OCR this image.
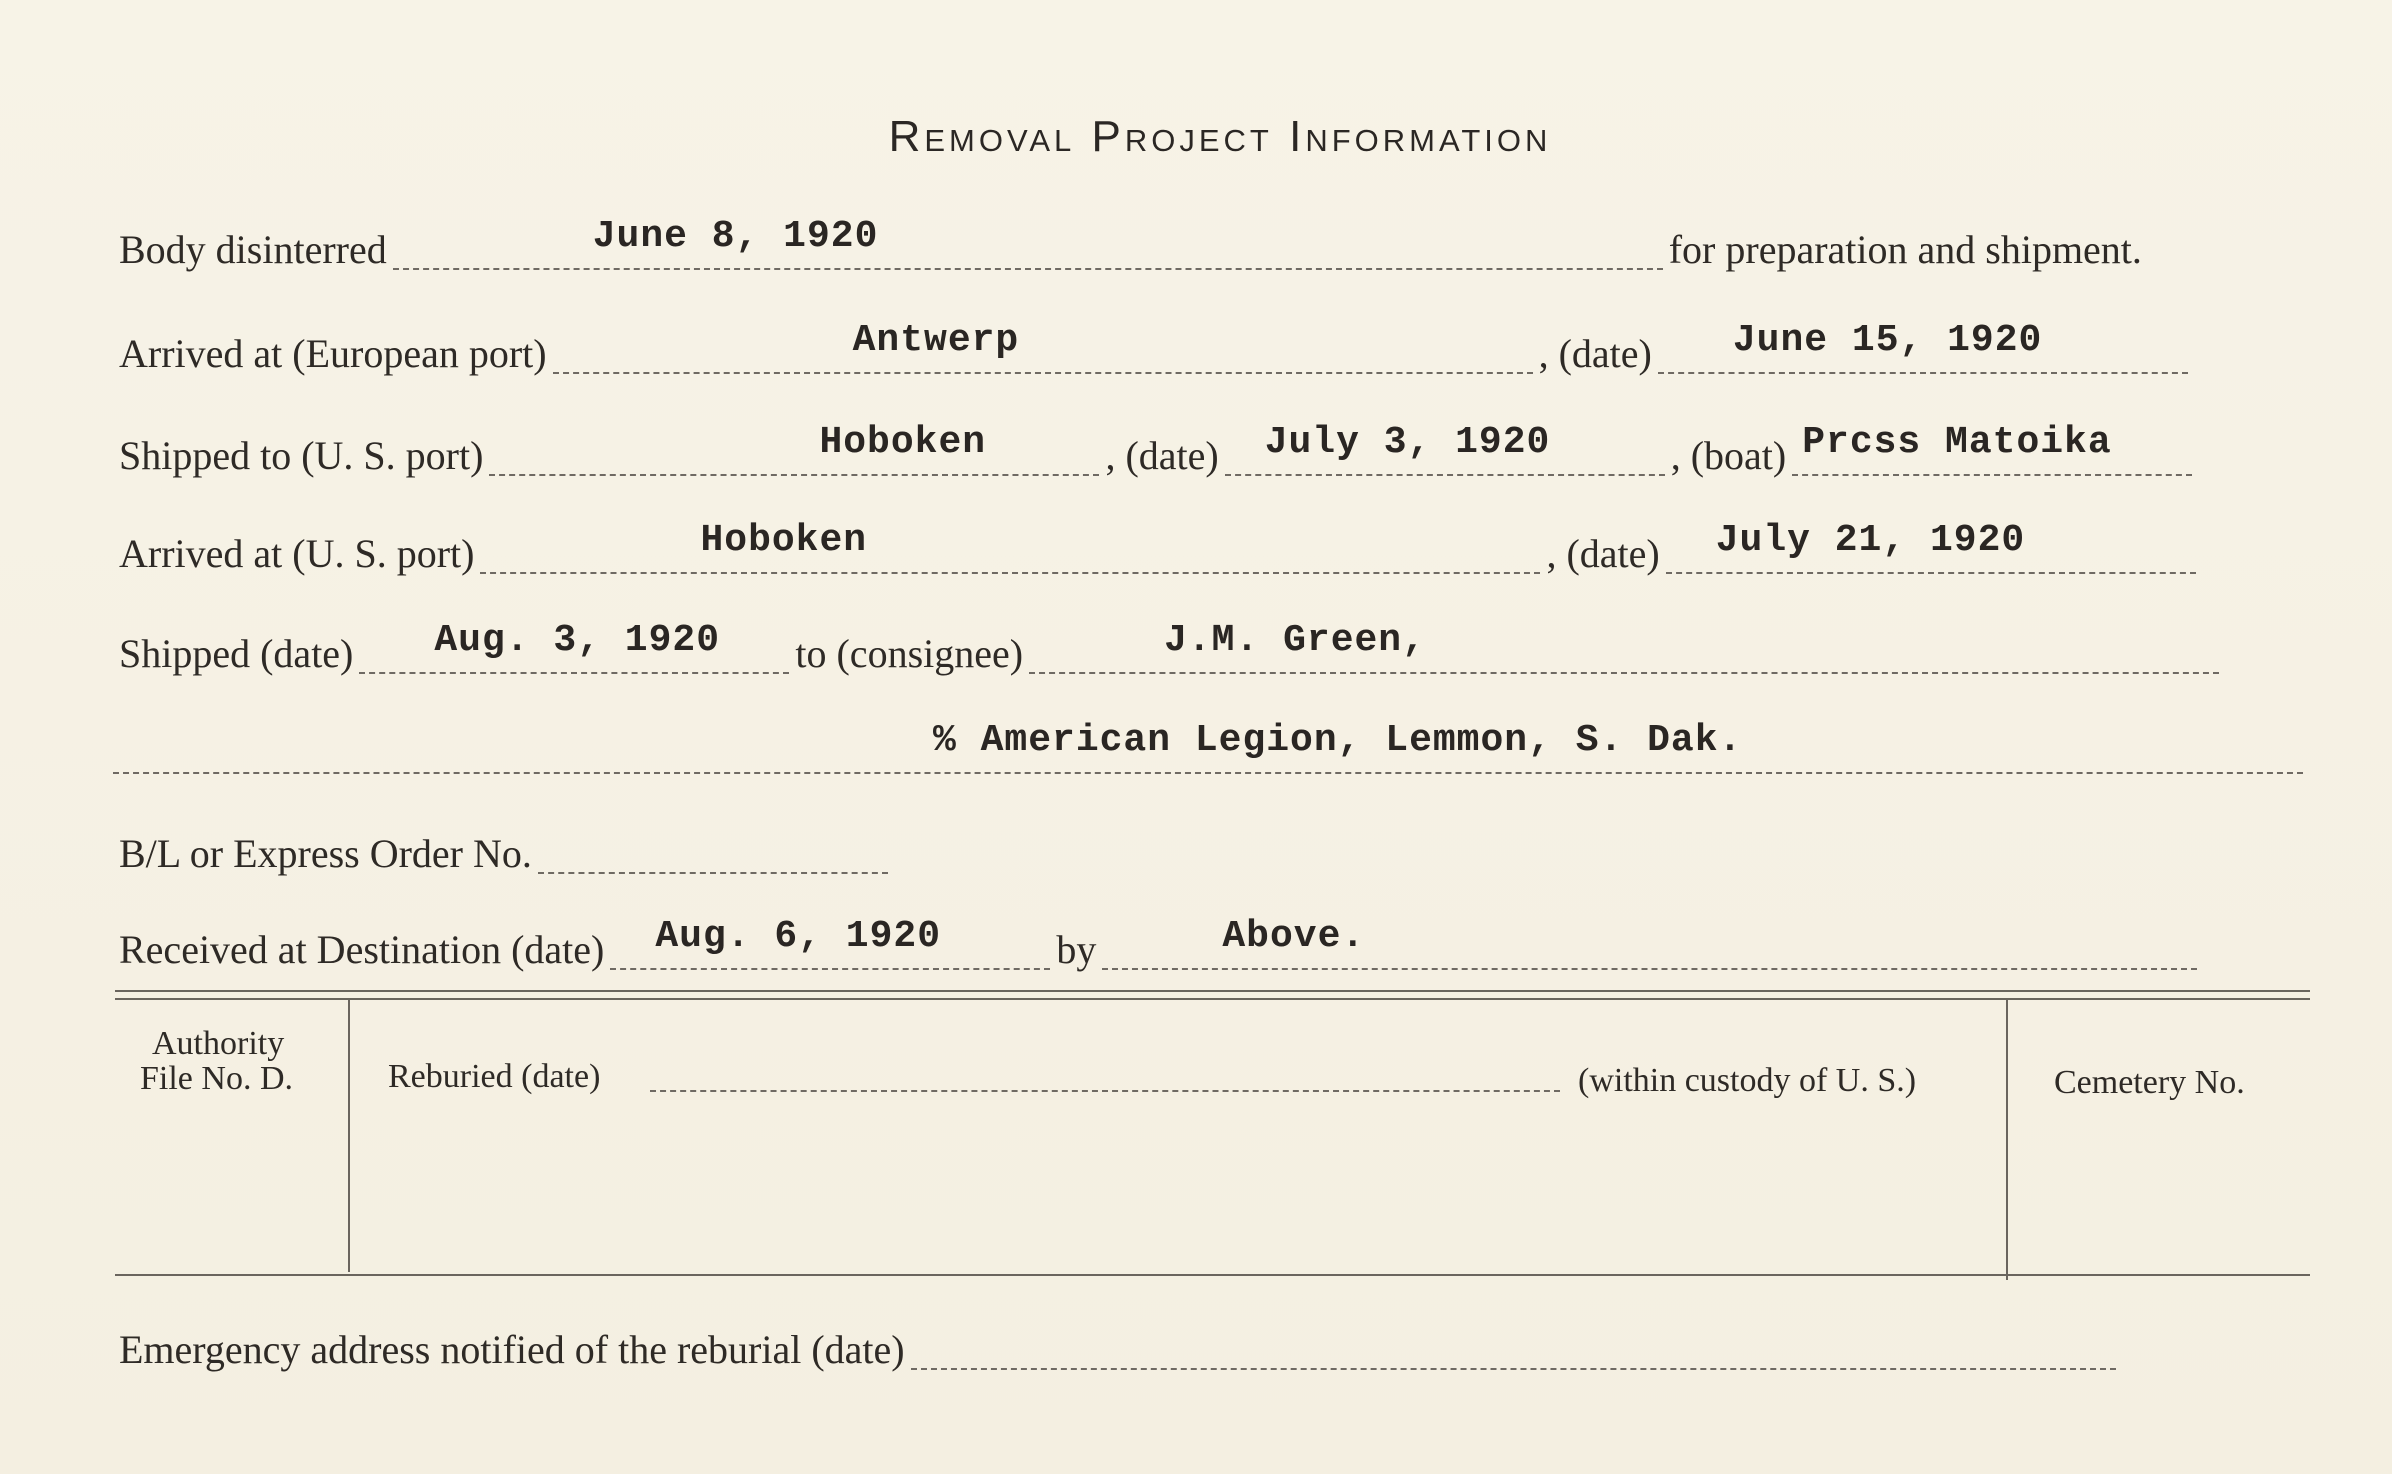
Removal Project Information
Body disinterred	June 8, 1920	for preparation and shipment.
Arrived at (European port)	Antwerp	, (date) June 15, 1920
Shipped to (U. S. port)	Hoboken	, (date) July 3, 1920	, (boat) Prcss Matoika
Arrived at (U. S. port)	Hoboken	, (date) July 21, 1920
Shipped (date) Aug. 3, 1920 to (consignee)	J.M. Green,
% American Legion, Lemmon, S. Dak.
B/L or Express Order No.
Received at Destination (date) Aug. 6, 1920	by	Above.
Authority
File No. D.	Reburied (date)	(within custody of U. S.)	Cemetery No.
Emergency address notified of the reburial (date)
